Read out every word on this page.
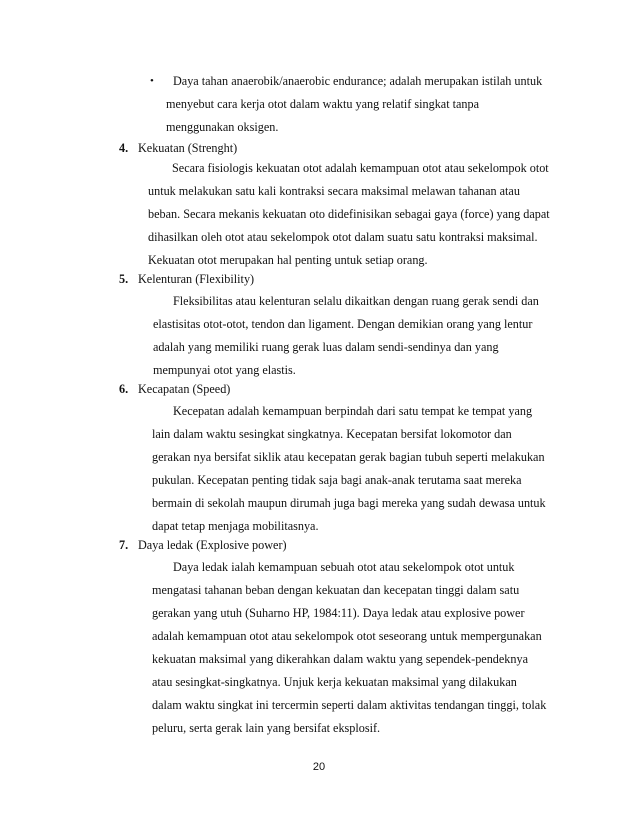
• Daya tahan anaerobik/anaerobic endurance; adalah merupakan istilah untuk
menyebut cara kerja otot dalam waktu yang relatif singkat tanpa
menggunakan oksigen.
4. Kekuatan (Strenght)
Secara fisiologis kekuatan otot adalah kemampuan otot atau sekelompok otot
untuk melakukan satu kali kontraksi secara maksimal melawan tahanan atau
beban. Secara mekanis kekuatan oto didefinisikan sebagai gaya (force) yang dapat
dihasilkan oleh otot atau sekelompok otot dalam suatu satu kontraksi maksimal.
Kekuatan otot merupakan hal penting untuk setiap orang.
5. Kelenturan (Flexibility)
Fleksibilitas atau kelenturan selalu dikaitkan dengan ruang gerak sendi dan
elastisitas otot-otot, tendon dan ligament. Dengan demikian orang yang lentur
adalah yang memiliki ruang gerak luas dalam sendi-sendinya dan yang
mempunyai otot yang elastis.
6. Kecapatan (Speed)
Kecepatan adalah kemampuan berpindah dari satu tempat ke tempat yang
lain dalam waktu sesingkat singkatnya. Kecepatan bersifat lokomotor dan
gerakan nya bersifat siklik atau kecepatan gerak bagian tubuh seperti melakukan
pukulan. Kecepatan penting tidak saja bagi anak-anak terutama saat mereka
bermain di sekolah maupun dirumah juga bagi mereka yang sudah dewasa untuk
dapat tetap menjaga mobilitasnya.
7. Daya ledak (Explosive power)
Daya ledak ialah kemampuan sebuah otot atau sekelompok otot untuk
mengatasi tahanan beban dengan kekuatan dan kecepatan tinggi dalam satu
gerakan yang utuh (Suharno HP, 1984:11). Daya ledak atau explosive power
adalah kemampuan otot atau sekelompok otot seseorang untuk mempergunakan
kekuatan maksimal yang dikerahkan dalam waktu yang sependek-pendeknya
atau sesingkat-singkatnya. Unjuk kerja kekuatan maksimal yang dilakukan
dalam waktu singkat ini tercermin seperti dalam aktivitas tendangan tinggi, tolak
peluru, serta gerak lain yang bersifat eksplosif.
20
